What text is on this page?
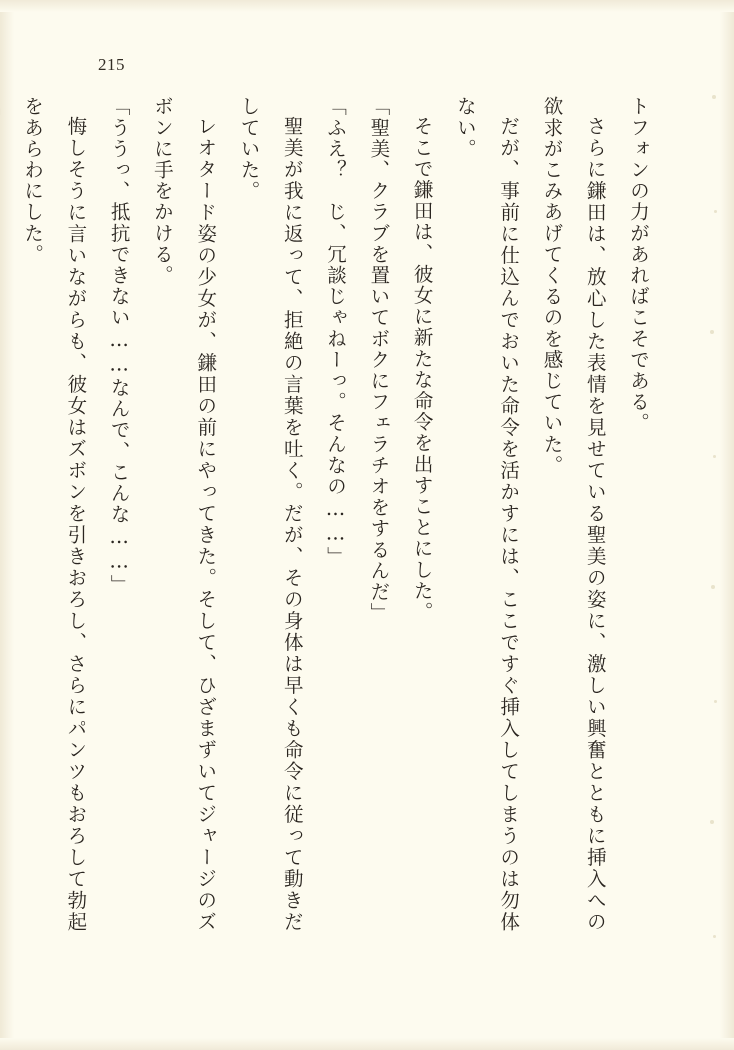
215

トフォンの力があればこそである。

さらに鎌田は、放心した表情を見せている聖美の姿に、激しい興奮とともに挿入への欲求がこみあげてくるのを感じていた。

だが、事前に仕込んでおいた命令を活かすには、ここですぐ挿入してしまうのは勿体ない。

そこで鎌田は、彼女に新たな命令を出すことにした。

「聖美、クラブを置いてボクにフェラチオをするんだ」

「ふえ？　じ、冗談じゃねーっ。そんなの……」

聖美が我に返って、拒絶の言葉を吐く。だが、その身体は早くも命令に従って動きだしていた。

レオタード姿の少女が、鎌田の前にやってきた。そして、ひざまずいてジャージのズボンに手をかける。

「ううっ、抵抗できない……なんで、こんな……」

悔しそうに言いながらも、彼女はズボンを引きおろし、さらにパンツもおろして勃起をあらわにした。
